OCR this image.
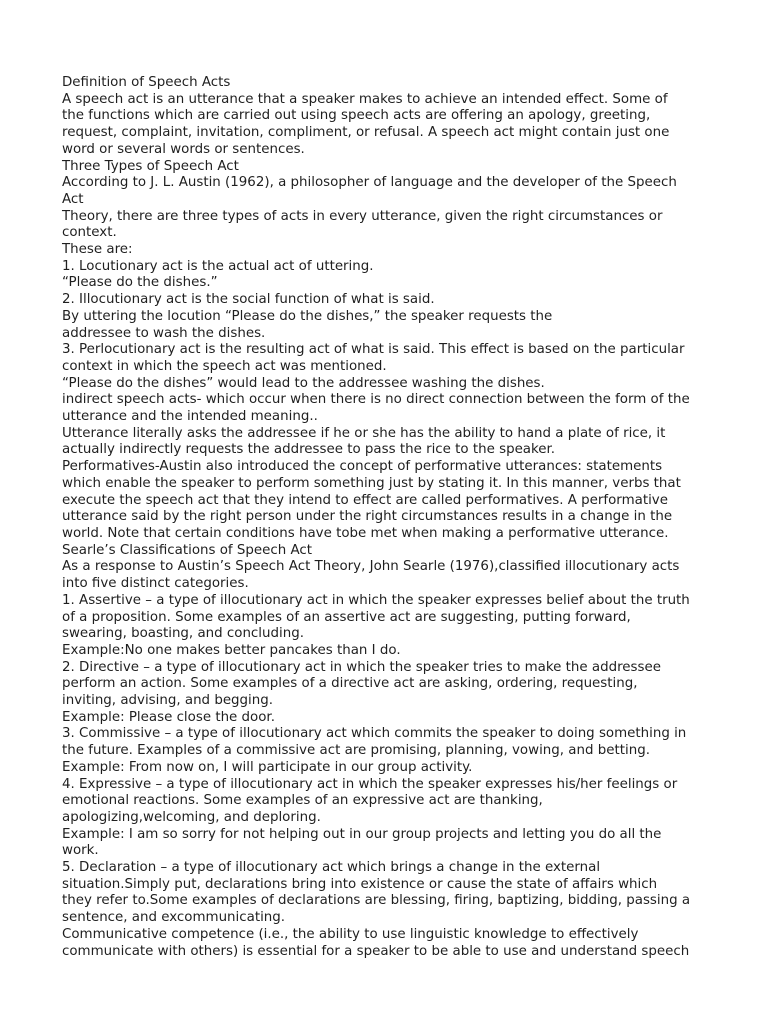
Definition of Speech Acts
A speech act is an utterance that a speaker makes to achieve an intended effect. Some of
the functions which are carried out using speech acts are offering an apology, greeting,
request, complaint, invitation, compliment, or refusal. A speech act might contain just one
word or several words or sentences.
Three Types of Speech Act
According to J. L. Austin (1962), a philosopher of language and the developer of the Speech
Act
Theory, there are three types of acts in every utterance, given the right circumstances or
context.
These are:
1. Locutionary act is the actual act of uttering.
“Please do the dishes.”
2. Illocutionary act is the social function of what is said.
By uttering the locution “Please do the dishes,” the speaker requests the
addressee to wash the dishes.
3. Perlocutionary act is the resulting act of what is said. This effect is based on the particular
context in which the speech act was mentioned.
“Please do the dishes” would lead to the addressee washing the dishes.
indirect speech acts- which occur when there is no direct connection between the form of the
utterance and the intended meaning..
Utterance literally asks the addressee if he or she has the ability to hand a plate of rice, it
actually indirectly requests the addressee to pass the rice to the speaker.
Performatives-Austin also introduced the concept of performative utterances: statements
which enable the speaker to perform something just by stating it. In this manner, verbs that
execute the speech act that they intend to effect are called performatives. A performative
utterance said by the right person under the right circumstances results in a change in the
world. Note that certain conditions have tobe met when making a performative utterance.
Searle’s Classifications of Speech Act
As a response to Austin’s Speech Act Theory, John Searle (1976),classified illocutionary acts
into five distinct categories.
1. Assertive – a type of illocutionary act in which the speaker expresses belief about the truth
of a proposition. Some examples of an assertive act are suggesting, putting forward,
swearing, boasting, and concluding.
Example:No one makes better pancakes than I do.
2. Directive – a type of illocutionary act in which the speaker tries to make the addressee
perform an action. Some examples of a directive act are asking, ordering, requesting,
inviting, advising, and begging.
Example: Please close the door.
3. Commissive – a type of illocutionary act which commits the speaker to doing something in
the future. Examples of a commissive act are promising, planning, vowing, and betting.
Example: From now on, I will participate in our group activity.
4. Expressive – a type of illocutionary act in which the speaker expresses his/her feelings or
emotional reactions. Some examples of an expressive act are thanking,
apologizing,welcoming, and deploring.
Example: I am so sorry for not helping out in our group projects and letting you do all the
work.
5. Declaration – a type of illocutionary act which brings a change in the external
situation.Simply put, declarations bring into existence or cause the state of affairs which
they refer to.Some examples of declarations are blessing, firing, baptizing, bidding, passing a
sentence, and excommunicating.
Communicative competence (i.e., the ability to use linguistic knowledge to effectively
communicate with others) is essential for a speaker to be able to use and understand speech
